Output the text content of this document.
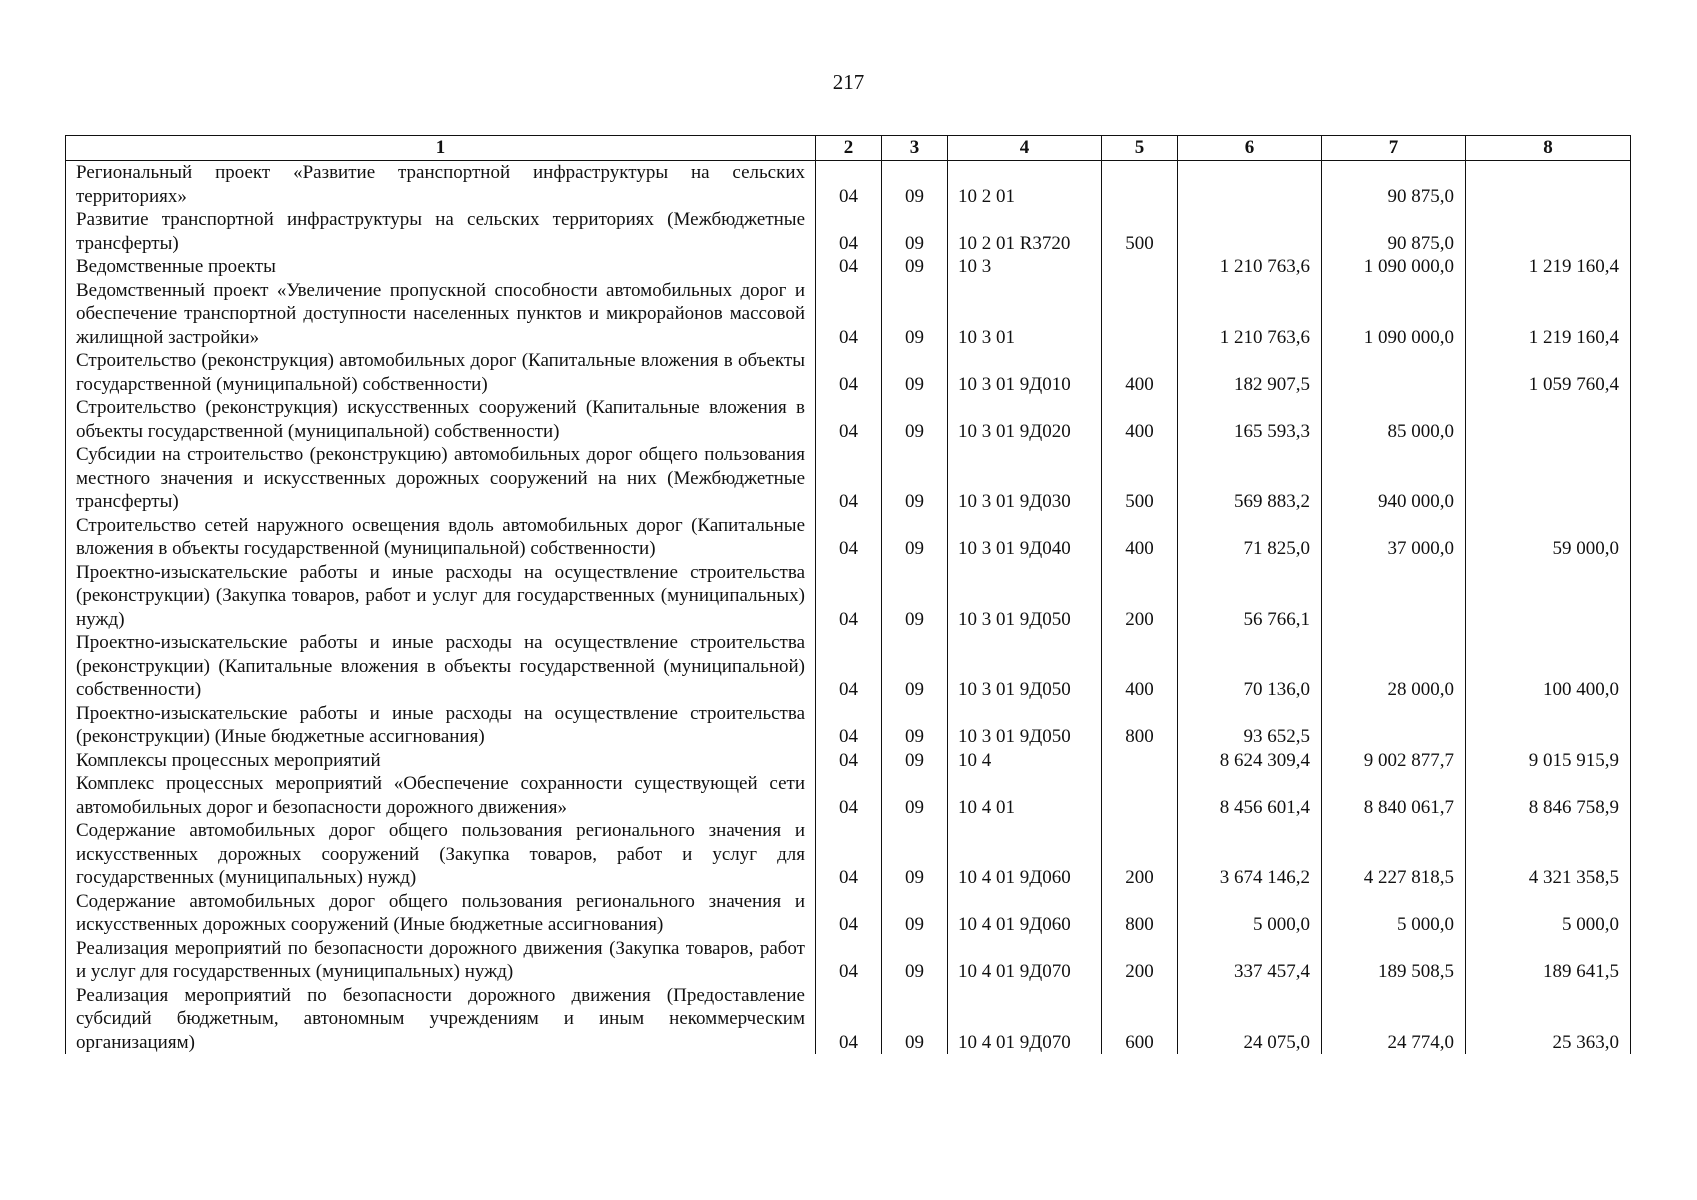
217
1	2	3	4	5	6	7	8
Региональный проект «Развитие транспортной инфраструктуры на сельских территориях»	04	09	10 2 01			90 875,0	
Развитие транспортной инфраструктуры на сельских территориях (Межбюджетные трансферты)	04	09	10 2 01 R3720	500		90 875,0	
Ведомственные проекты	04	09	10 3		1 210 763,6	1 090 000,0	1 219 160,4
Ведомственный проект «Увеличение пропускной способности автомобильных дорог и обеспечение транспортной доступности населенных пунктов и микрорайонов массовой жилищной застройки»	04	09	10 3 01		1 210 763,6	1 090 000,0	1 219 160,4
Строительство (реконструкция) автомобильных дорог (Капитальные вложения в объекты государственной (муниципальной) собственности)	04	09	10 3 01 9Д010	400	182 907,5		1 059 760,4
Строительство (реконструкция) искусственных сооружений (Капитальные вложения в объекты государственной (муниципальной) собственности)	04	09	10 3 01 9Д020	400	165 593,3	85 000,0	
Субсидии на строительство (реконструкцию) автомобильных дорог общего пользования местного значения и искусственных дорожных сооружений на них (Межбюджетные трансферты)	04	09	10 3 01 9Д030	500	569 883,2	940 000,0	
Строительство сетей наружного освещения вдоль автомобильных дорог (Капитальные вложения в объекты государственной (муниципальной) собственности)	04	09	10 3 01 9Д040	400	71 825,0	37 000,0	59 000,0
Проектно-изыскательские работы и иные расходы на осуществление строительства (реконструкции) (Закупка товаров, работ и услуг для государственных (муниципальных) нужд)	04	09	10 3 01 9Д050	200	56 766,1		
Проектно-изыскательские работы и иные расходы на осуществление строительства (реконструкции) (Капитальные вложения в объекты государственной (муниципальной) собственности)	04	09	10 3 01 9Д050	400	70 136,0	28 000,0	100 400,0
Проектно-изыскательские работы и иные расходы на осуществление строительства (реконструкции) (Иные бюджетные ассигнования)	04	09	10 3 01 9Д050	800	93 652,5		
Комплексы процессных мероприятий	04	09	10 4		8 624 309,4	9 002 877,7	9 015 915,9
Комплекс процессных мероприятий «Обеспечение сохранности существующей сети автомобильных дорог и безопасности дорожного движения»	04	09	10 4 01		8 456 601,4	8 840 061,7	8 846 758,9
Содержание автомобильных дорог общего пользования регионального значения и искусственных дорожных сооружений (Закупка товаров, работ и услуг для государственных (муниципальных) нужд)	04	09	10 4 01 9Д060	200	3 674 146,2	4 227 818,5	4 321 358,5
Содержание автомобильных дорог общего пользования регионального значения и искусственных дорожных сооружений (Иные бюджетные ассигнования)	04	09	10 4 01 9Д060	800	5 000,0	5 000,0	5 000,0
Реализация мероприятий по безопасности дорожного движения (Закупка товаров, работ и услуг для государственных (муниципальных) нужд)	04	09	10 4 01 9Д070	200	337 457,4	189 508,5	189 641,5
Реализация мероприятий по безопасности дорожного движения (Предоставление субсидий бюджетным, автономным учреждениям и иным некоммерческим организациям)	04	09	10 4 01 9Д070	600	24 075,0	24 774,0	25 363,0
